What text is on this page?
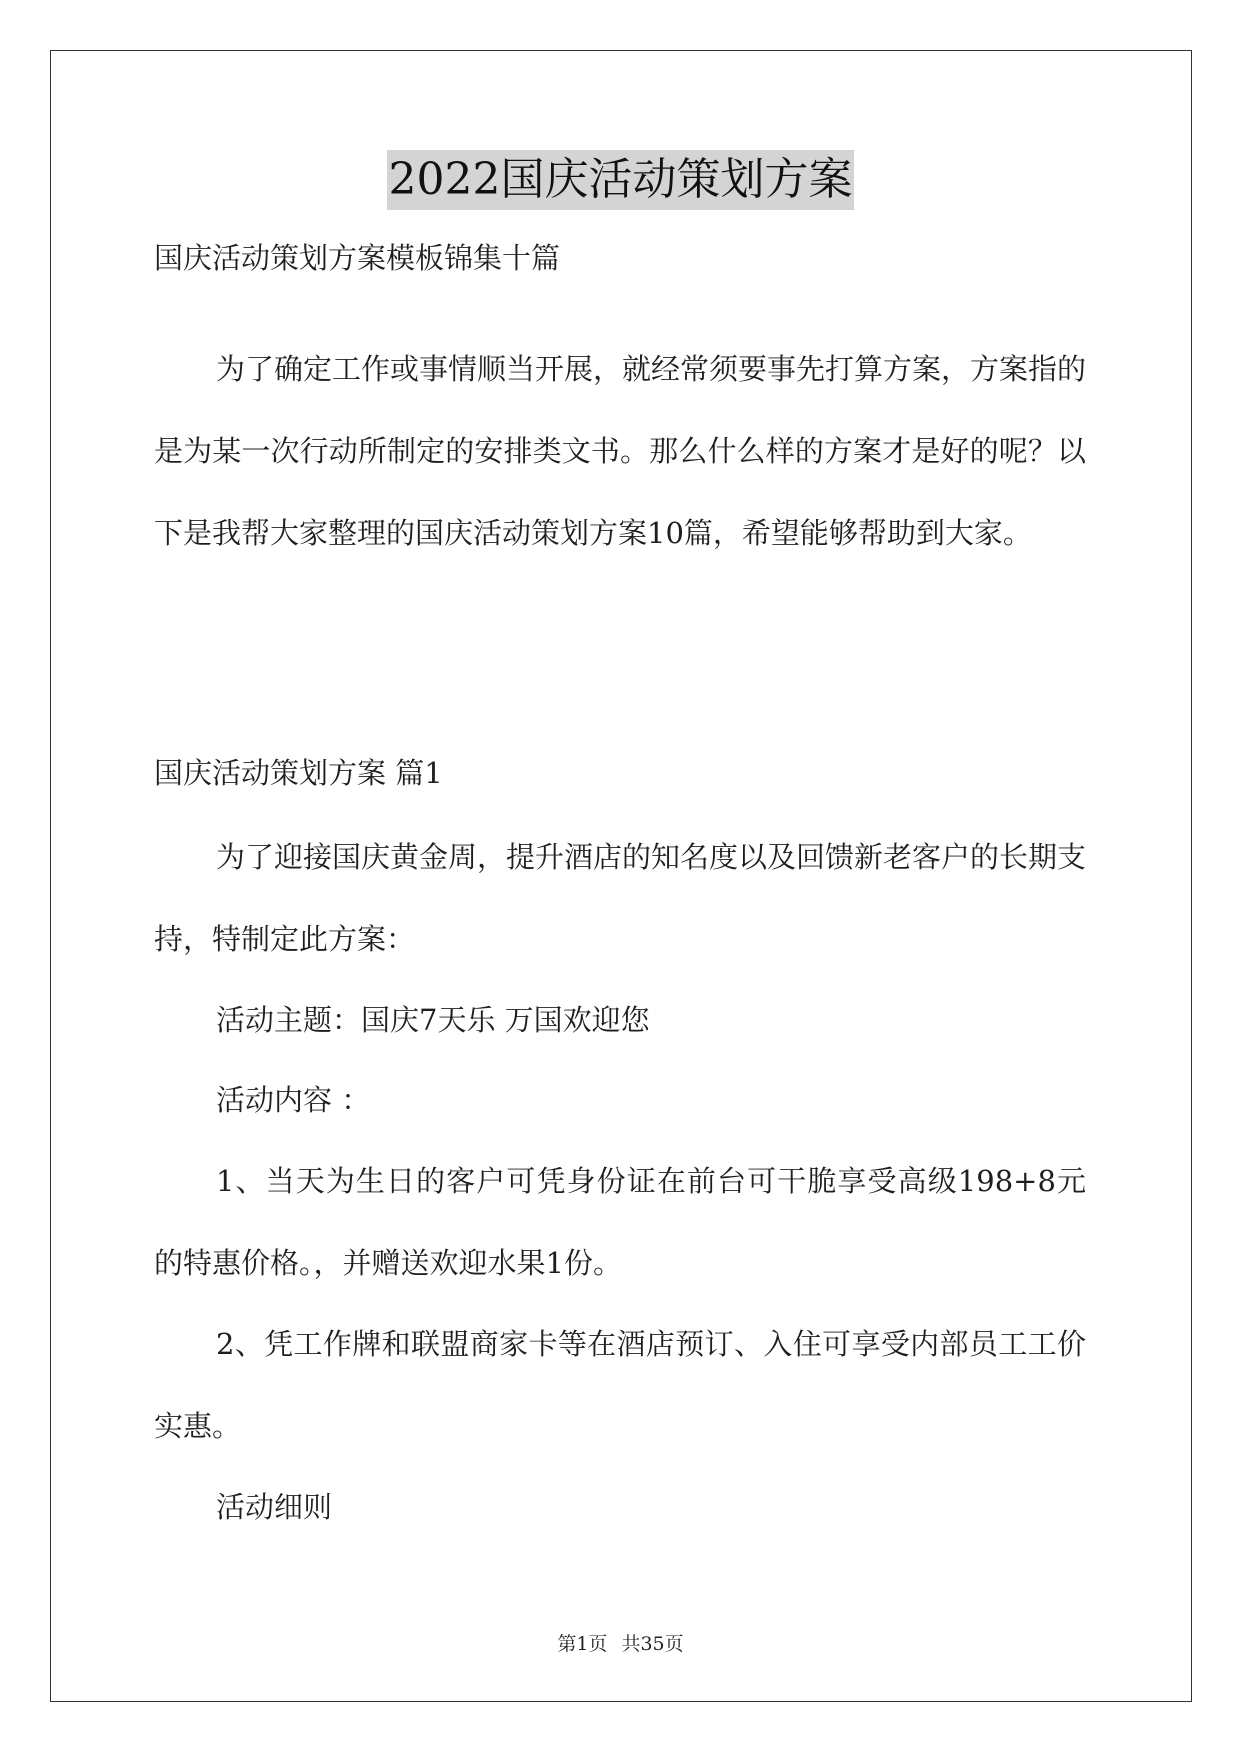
2022国庆活动策划方案
国庆活动策划方案模板锦集十篇

为了确定工作或事情顺当开展，就经常须要事先打算方案，方案指的是为某一次行动所制定的安排类文书。那么什么样的方案才是好的呢？以下是我帮大家整理的国庆活动策划方案10篇，希望能够帮助到大家。

国庆活动策划方案 篇1

为了迎接国庆黄金周，提升酒店的知名度以及回馈新老客户的长期支持，特制定此方案：

活动主题：国庆7天乐 万国欢迎您
活动内容 ：

1、当天为生日的客户可凭身份证在前台可干脆享受高级198+8元的特惠价格。，并赠送欢迎水果1份。

2、凭工作牌和联盟商家卡等在酒店预订、入住可享受内部员工工价实惠。

活动细则
第1页 共35页
